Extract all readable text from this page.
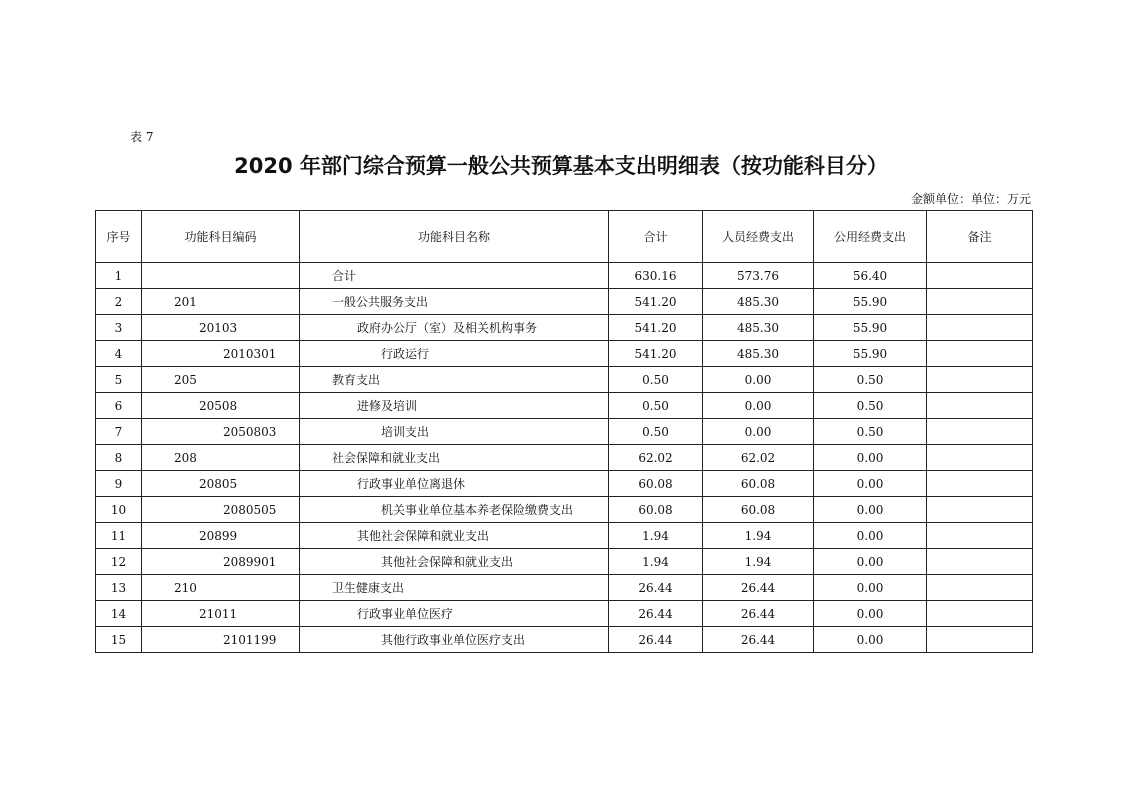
表 7
2020 年部门综合预算一般公共预算基本支出明细表（按功能科目分）
金额单位：单位：万元
序号	功能科目编码	功能科目名称	合计	人员经费支出	公用经费支出	备注
1		合计	630.16	573.76	56.40	
2	201	一般公共服务支出	541.20	485.30	55.90	
3	20103	政府办公厅（室）及相关机构事务	541.20	485.30	55.90	
4	2010301	行政运行	541.20	485.30	55.90	
5	205	教育支出	0.50	0.00	0.50	
6	20508	进修及培训	0.50	0.00	0.50	
7	2050803	培训支出	0.50	0.00	0.50	
8	208	社会保障和就业支出	62.02	62.02	0.00	
9	20805	行政事业单位离退休	60.08	60.08	0.00	
10	2080505	机关事业单位基本养老保险缴费支出	60.08	60.08	0.00	
11	20899	其他社会保障和就业支出	1.94	1.94	0.00	
12	2089901	其他社会保障和就业支出	1.94	1.94	0.00	
13	210	卫生健康支出	26.44	26.44	0.00	
14	21011	行政事业单位医疗	26.44	26.44	0.00	
15	2101199	其他行政事业单位医疗支出	26.44	26.44	0.00	
